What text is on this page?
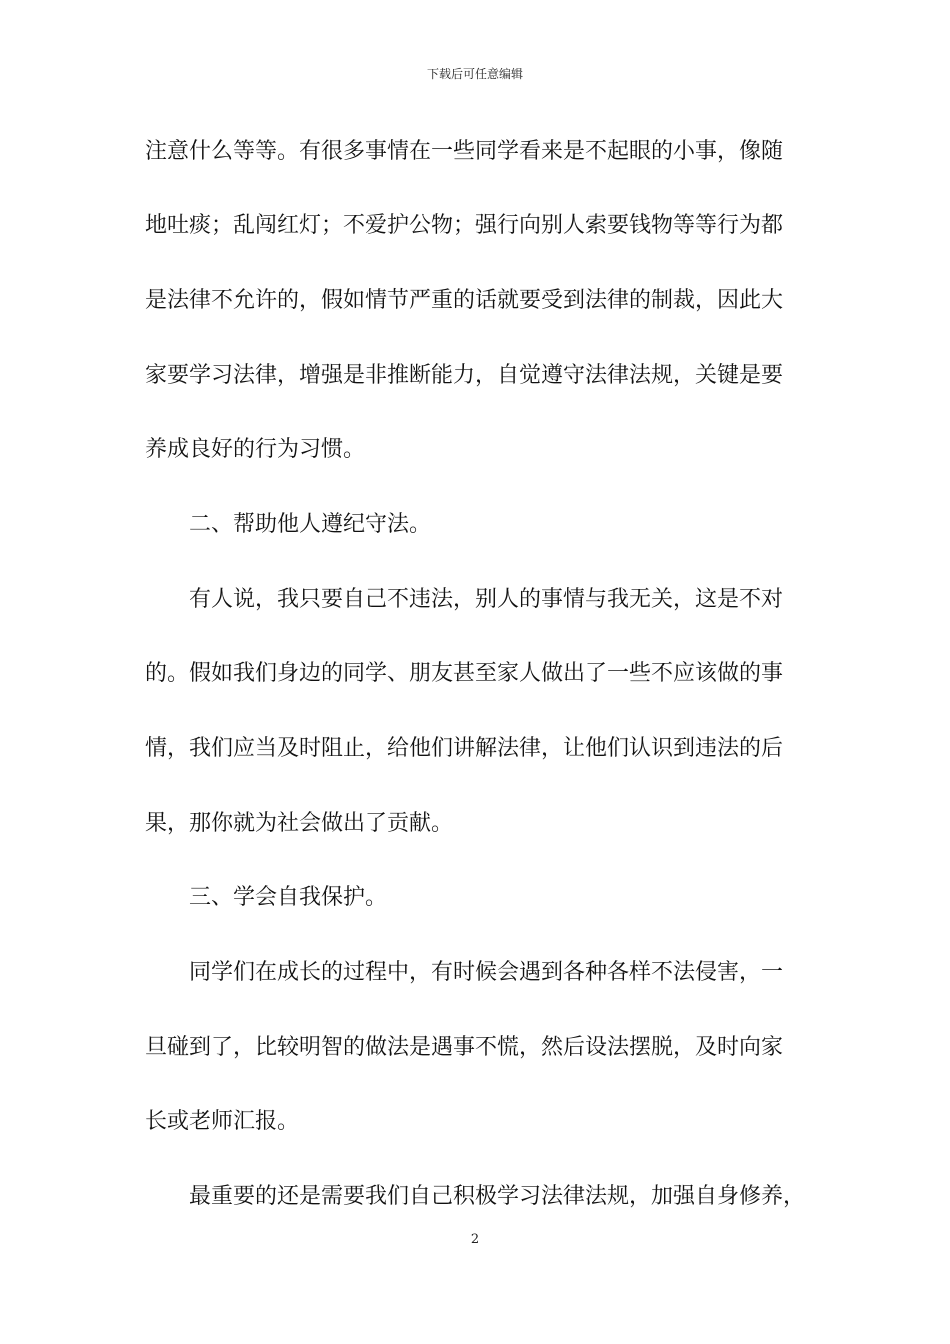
下载后可任意编辑
注意什么等等。有很多事情在一些同学看来是不起眼的小事，像随
地吐痰；乱闯红灯；不爱护公物；强行向别人索要钱物等等行为都
是法律不允许的，假如情节严重的话就要受到法律的制裁，因此大
家要学习法律，增强是非推断能力，自觉遵守法律法规，关键是要
养成良好的行为习惯。
　　二、帮助他人遵纪守法。
　　有人说，我只要自己不违法，别人的事情与我无关，这是不对
的。假如我们身边的同学、朋友甚至家人做出了一些不应该做的事
情，我们应当及时阻止，给他们讲解法律，让他们认识到违法的后
果，那你就为社会做出了贡献。
　　三、学会自我保护。
　　同学们在成长的过程中，有时候会遇到各种各样不法侵害，一
旦碰到了，比较明智的做法是遇事不慌，然后设法摆脱，及时向家
长或老师汇报。
　　最重要的还是需要我们自己积极学习法律法规，加强自身修养，
2
